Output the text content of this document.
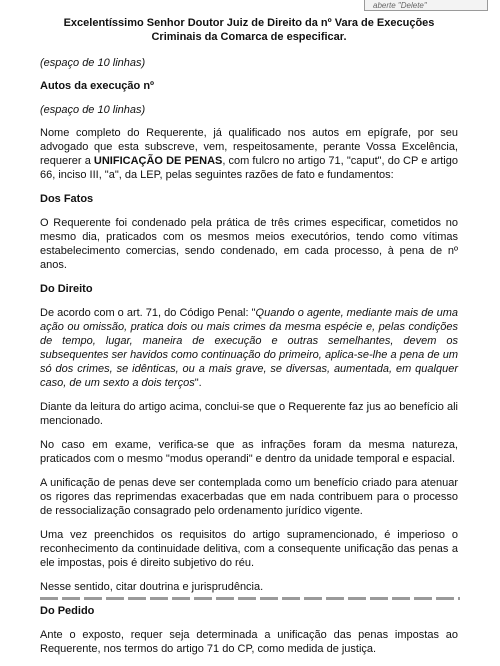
aberte "Delete"
Excelentíssimo Senhor Doutor Juiz de Direito da nº Vara de Execuções Criminais da Comarca de especificar.
(espaço de 10 linhas)
Autos da execução nº
(espaço de 10 linhas)

Nome completo do Requerente, já qualificado nos autos em epígrafe, por seu advogado que esta subscreve, vem, respeitosamente, perante Vossa Excelência, requerer a UNIFICAÇÃO DE PENAS, com fulcro no artigo 71, "caput", do CP e artigo 66, inciso III, "a", da LEP, pelas seguintes razões de fato e fundamentos:

Dos Fatos

O Requerente foi condenado pela prática de três crimes especificar, cometidos no mesmo dia, praticados com os mesmos meios executórios, tendo como vítimas estabelecimento comercias, sendo condenado, em cada processo, à pena de nº anos.

Do Direito

De acordo com o art. 71, do Código Penal: "Quando o agente, mediante mais de uma ação ou omissão, pratica dois ou mais crimes da mesma espécie e, pelas condições de tempo, lugar, maneira de execução e outras semelhantes, devem os subsequentes ser havidos como continuação do primeiro, aplica-se-lhe a pena de um só dos crimes, se idênticas, ou a mais grave, se diversas, aumentada, em qualquer caso, de um sexto a dois terços".

Diante da leitura do artigo acima, conclui-se que o Requerente faz jus ao benefício ali mencionado.

No caso em exame, verifica-se que as infrações foram da mesma natureza, praticados com o mesmo "modus operandi" e dentro da unidade temporal e espacial.

A unificação de penas deve ser contemplada como um benefício criado para atenuar os rigores das reprimendas exacerbadas que em nada contribuem para o processo de ressocialização consagrado pelo ordenamento jurídico vigente.

Uma vez preenchidos os requisitos do artigo supramencionado, é imperioso o reconhecimento da continuidade delitiva, com a consequente unificação das penas a ele impostas, pois é direito subjetivo do réu.

Nesse sentido, citar doutrina e jurisprudência.

Do Pedido

Ante o exposto, requer seja determinada a unificação das penas impostas ao Requerente, nos termos do artigo 71 do CP, como medida de justiça.
